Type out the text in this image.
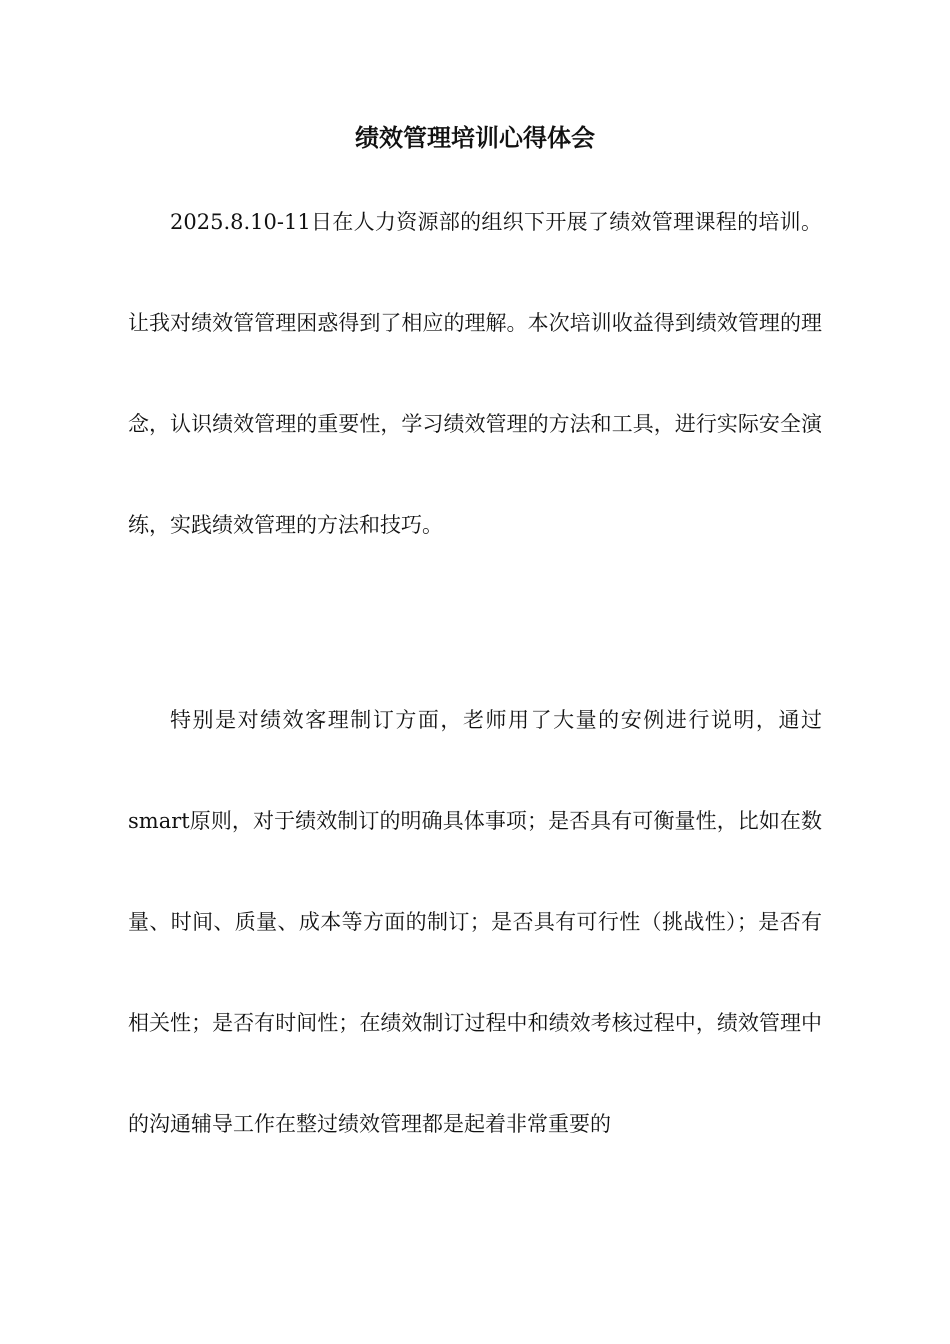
绩效管理培训心得体会

2025.8.10-11日在人力资源部的组织下开展了绩效管理课程的培训。让我对绩效管管理困惑得到了相应的理解。本次培训收益得到绩效管理的理念，认识绩效管理的重要性，学习绩效管理的方法和工具，进行实际安全演练，实践绩效管理的方法和技巧。

特别是对绩效客理制订方面，老师用了大量的安例进行说明，通过smart原则，对于绩效制订的明确具体事项；是否具有可衡量性，比如在数量、时间、质量、成本等方面的制订；是否具有可行性（挑战性）；是否有相关性；是否有时间性；在绩效制订过程中和绩效考核过程中，绩效管理中的沟通辅导工作在整过绩效管理都是起着非常重要的
